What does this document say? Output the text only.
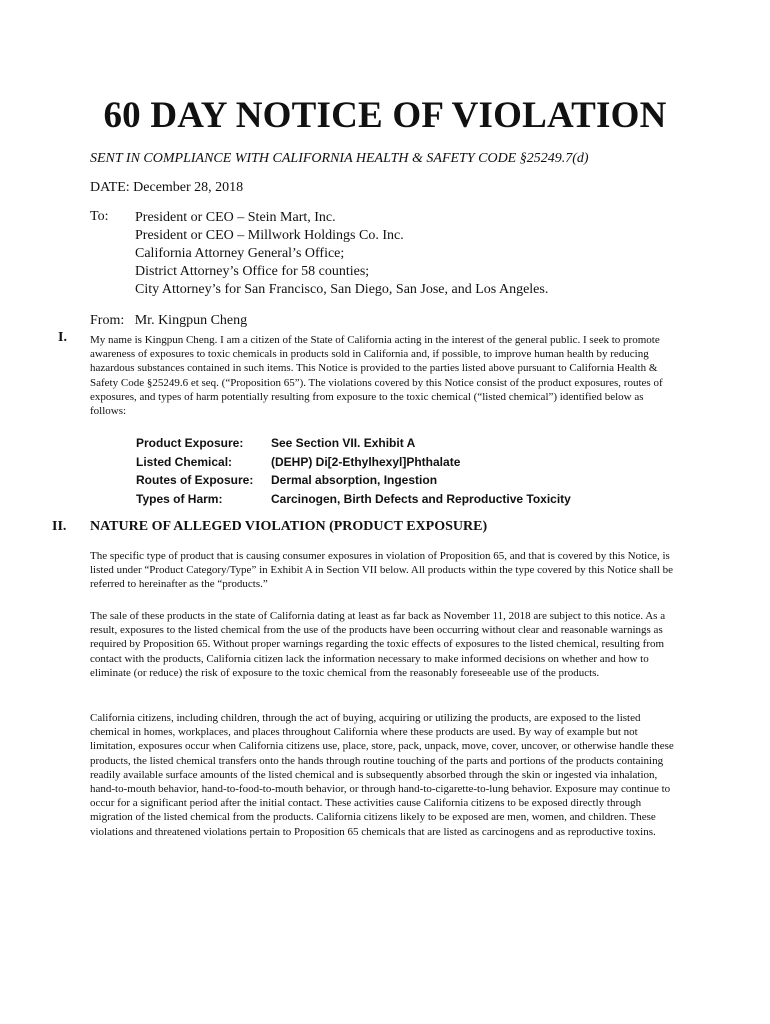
60 DAY NOTICE OF VIOLATION
SENT IN COMPLIANCE WITH CALIFORNIA HEALTH & SAFETY CODE §25249.7(d)
DATE: December 28, 2018
To: President or CEO – Stein Mart, Inc.
President or CEO – Millwork Holdings Co. Inc.
California Attorney General’s Office;
District Attorney’s Office for 58 counties;
City Attorney’s for San Francisco, San Diego, San Jose, and Los Angeles.
From:   Mr. Kingpun Cheng
I. My name is Kingpun Cheng. I am a citizen of the State of California acting in the interest of the general public. I seek to promote awareness of exposures to toxic chemicals in products sold in California and, if possible, to improve human health by reducing hazardous substances contained in such items. This Notice is provided to the parties listed above pursuant to California Health & Safety Code §25249.6 et seq. (“Proposition 65”). The violations covered by this Notice consist of the product exposures, routes of exposures, and types of harm potentially resulting from exposure to the toxic chemical (“listed chemical”) identified below as follows:
Product Exposure:	See Section VII. Exhibit A
Listed Chemical:	(DEHP) Di[2-Ethylhexyl]Phthalate
Routes of Exposure:	Dermal absorption, Ingestion
Types of Harm:	Carcinogen, Birth Defects and Reproductive Toxicity
II. NATURE OF ALLEGED VIOLATION (PRODUCT EXPOSURE)
The specific type of product that is causing consumer exposures in violation of Proposition 65, and that is covered by this Notice, is listed under “Product Category/Type” in Exhibit A in Section VII below. All products within the type covered by this Notice shall be referred to hereinafter as the “products.”
The sale of these products in the state of California dating at least as far back as November 11, 2018 are subject to this notice. As a result, exposures to the listed chemical from the use of the products have been occurring without clear and reasonable warnings as required by Proposition 65. Without proper warnings regarding the toxic effects of exposures to the listed chemical, resulting from contact with the products, California citizen lack the information necessary to make informed decisions on whether and how to eliminate (or reduce) the risk of exposure to the toxic chemical from the reasonably foreseeable use of the products.
California citizens, including children, through the act of buying, acquiring or utilizing the products, are exposed to the listed chemical in homes, workplaces, and places throughout California where these products are used. By way of example but not limitation, exposures occur when California citizens use, place, store, pack, unpack, move, cover, uncover, or otherwise handle these products, the listed chemical transfers onto the hands through routine touching of the parts and portions of the products containing readily available surface amounts of the listed chemical and is subsequently absorbed through the skin or ingested via inhalation, hand-to-mouth behavior, hand-to-food-to-mouth behavior, or through hand-to-cigarette-to-lung behavior. Exposure may continue to occur for a significant period after the initial contact. These activities cause California citizens to be exposed directly through migration of the listed chemical from the products. California citizens likely to be exposed are men, women, and children. These violations and threatened violations pertain to Proposition 65 chemicals that are listed as carcinogens and as reproductive toxins.
